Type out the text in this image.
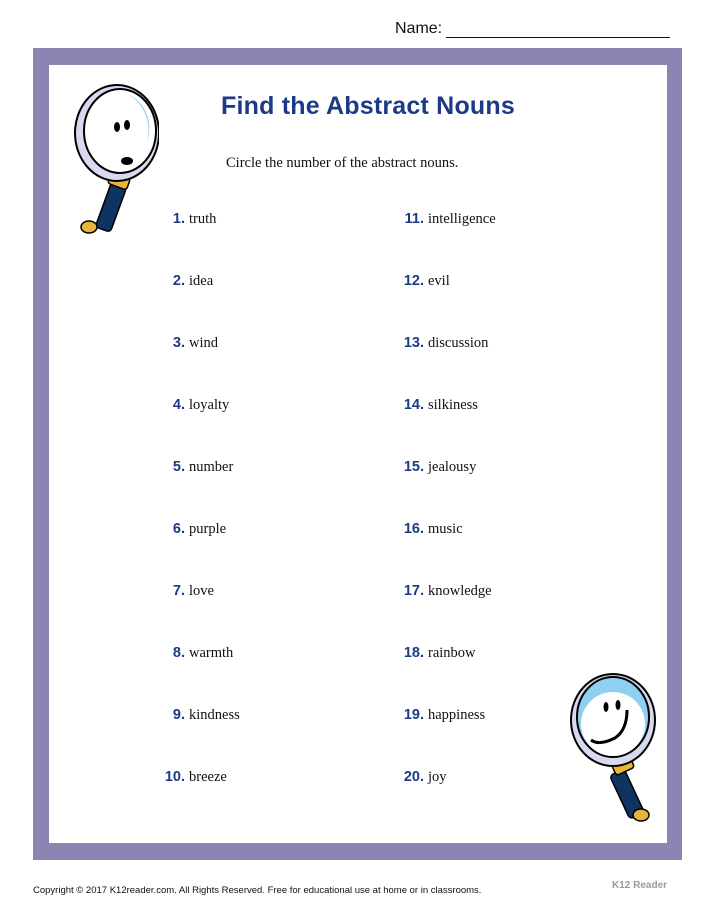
Name:
Find the Abstract Nouns
Circle the number of the abstract nouns.
1. truth
2. idea
3. wind
4. loyalty
5. number
6. purple
7. love
8. warmth
9. kindness
10. breeze
11. intelligence
12. evil
13. discussion
14. silkiness
15. jealousy
16. music
17. knowledge
18. rainbow
19. happiness
20. joy
Copyright © 2017 K12reader.com. All Rights Reserved. Free for educational use at home or in classrooms.	K12 Reader
